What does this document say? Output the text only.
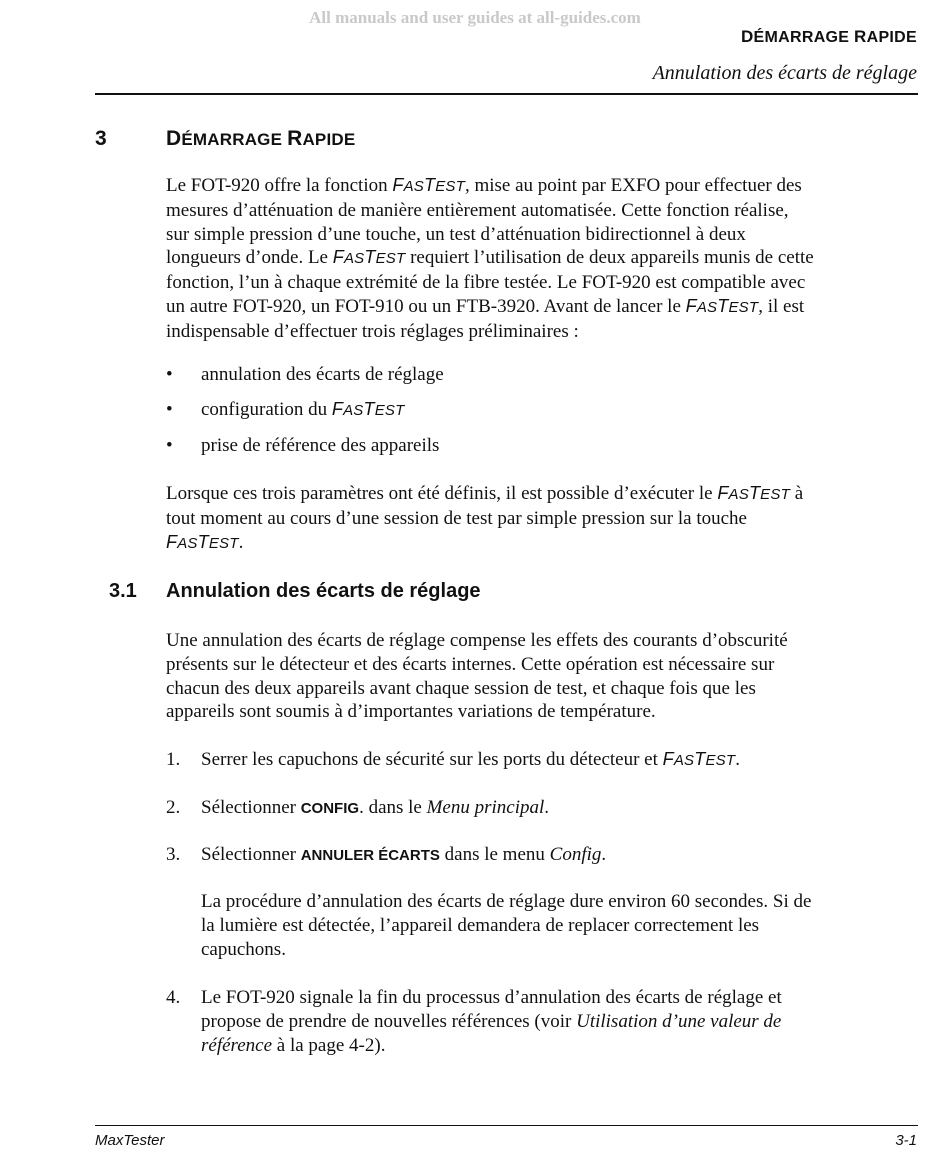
All manuals and user guides at all-guides.com
DÉMARRAGE RAPIDE
Annulation des écarts de réglage
3	DÉMARRAGE RAPIDE
Le FOT-920 offre la fonction FASTEST, mise au point par EXFO pour effectuer des
mesures d’atténuation de manière entièrement automatisée. Cette fonction réalise,
sur simple pression d’une touche, un test d’atténuation bidirectionnel à deux
longueurs d’onde. Le FASTEST requiert l’utilisation de deux appareils munis de cette
fonction, l’un à chaque extrémité de la fibre testée. Le FOT-920 est compatible avec
un autre FOT-920, un FOT-910 ou un FTB-3920. Avant de lancer le FASTEST, il est
indispensable d’effectuer trois réglages préliminaires :
• annulation des écarts de réglage
• configuration du FASTEST
• prise de référence des appareils
Lorsque ces trois paramètres ont été définis, il est possible d’exécuter le FASTEST à
tout moment au cours d’une session de test par simple pression sur la touche
FASTEST.
3.1 Annulation des écarts de réglage
Une annulation des écarts de réglage compense les effets des courants d’obscurité
présents sur le détecteur et des écarts internes. Cette opération est nécessaire sur
chacun des deux appareils avant chaque session de test, et chaque fois que les
appareils sont soumis à d’importantes variations de température.
1. Serrer les capuchons de sécurité sur les ports du détecteur et FASTEST.
2. Sélectionner CONFIG. dans le Menu principal.
3. Sélectionner ANNULER ÉCARTS dans le menu Config.
La procédure d’annulation des écarts de réglage dure environ 60 secondes. Si de
la lumière est détectée, l’appareil demandera de replacer correctement les
capuchons.
4. Le FOT-920 signale la fin du processus d’annulation des écarts de réglage et
propose de prendre de nouvelles références (voir Utilisation d’une valeur de
référence à la page 4-2).
MaxTester	3-1
